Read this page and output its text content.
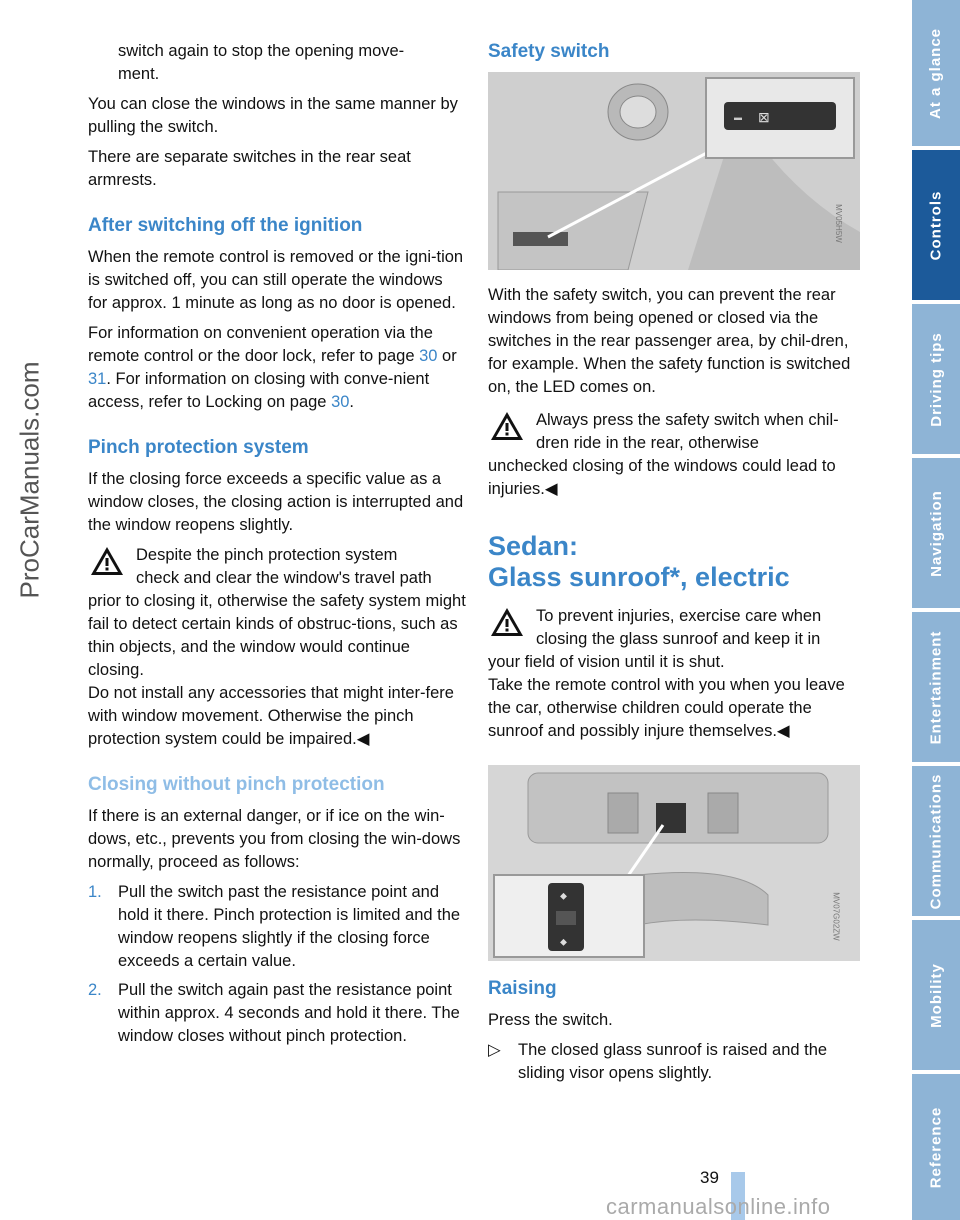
ProCarManuals.com

switch again to stop the opening move-
ment.

You can close the windows in the same manner by pulling the switch.

There are separate switches in the rear seat armrests.

After switching off the ignition

When the remote control is removed or the igni-tion is switched off, you can still operate the windows for approx. 1 minute as long as no door is opened.

For information on convenient operation via the remote control or the door lock, refer to page 30 or 31. For information on closing with conve-nient access, refer to Locking on page 30.

Pinch protection system

If the closing force exceeds a specific value as a window closes, the closing action is interrupted and the window reopens slightly.

Despite the pinch protection system
check and clear the window's travel path
prior to closing it, otherwise the safety system might fail to detect certain kinds of obstruc-tions, such as thin objects, and the window would continue closing.
Do not install any accessories that might inter-fere with window movement. Otherwise the pinch protection system could be impaired.◀
Closing without pinch protection

If there is an external danger, or if ice on the win-dows, etc., prevents you from closing the win-dows normally, proceed as follows:

1. Pull the switch past the resistance point and hold it there. Pinch protection is limited and the window reopens slightly if the closing force exceeds a certain value.
2. Pull the switch again past the resistance point within approx. 4 seconds and hold it there. The window closes without pinch protection.
Safety switch
▬ ⊠
MV05H5W

With the safety switch, you can prevent the rear windows from being opened or closed via the switches in the rear passenger area, by chil-dren, for example. When the safety function is switched on, the LED comes on.

Always press the safety switch when chil-
dren ride in the rear, otherwise
unchecked closing of the windows could lead to injuries.◀
Sedan:
Glass sunroof*, electric
To prevent injuries, exercise care when
closing the glass sunroof and keep it in
your field of vision until it is shut.
Take the remote control with you when you leave the car, otherwise children could operate the sunroof and possibly injure themselves.◀
⬥
⬥
MV07G02ZW
Raising

Press the switch.

▷	The closed glass sunroof is raised and the sliding visor opens slightly.
At a glance
Controls
Driving tips
Navigation
Entertainment
Communications
Mobility
Reference
39
carmanualsonline.info
